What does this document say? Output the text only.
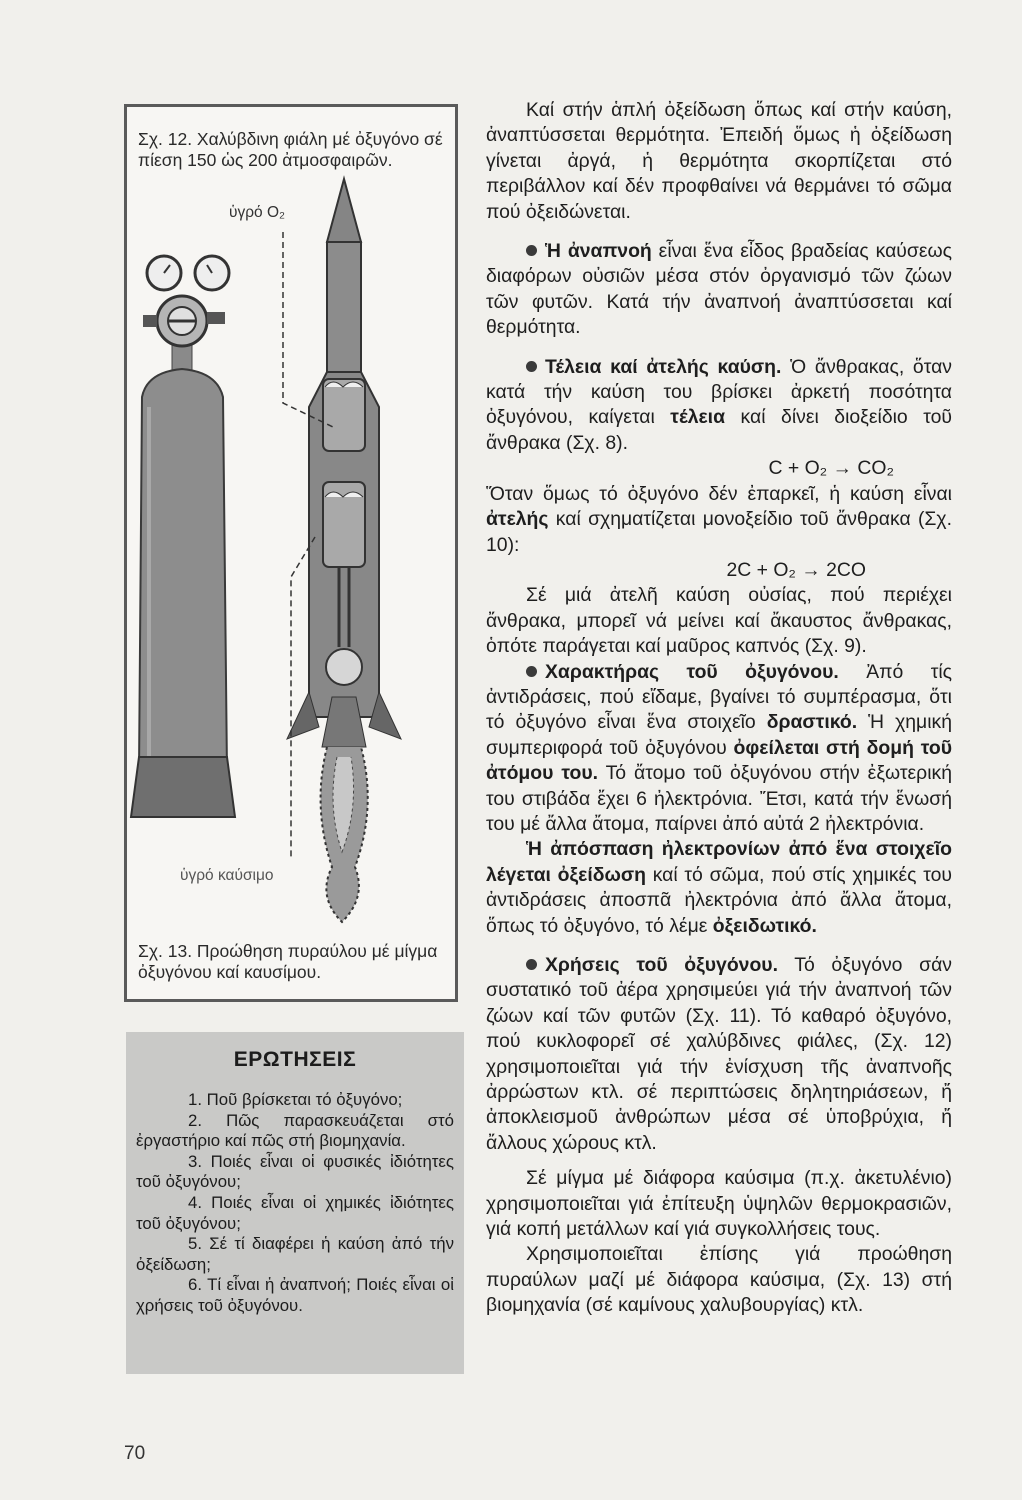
Σχ. 12. Χαλύβδινη φιάλη μέ ὀξυγόνο σέ πίεση 150 ὡς 200 ἀτμοσφαιρῶν.
ὑγρό O₂
ὑγρό καύσιμο
Σχ. 13. Προώθηση πυραύλου μέ μίγμα ὀξυγόνου καί καυσίμου.
ΕΡΩΤΗΣΕΙΣ

1. Ποῦ βρίσκεται τό ὀξυγόνο;

2. Πῶς παρασκευάζεται στό ἐργαστήριο καί πῶς στή βιομηχανία.

3. Ποιές εἶναι οἱ φυσικές ἰδιότητες τοῦ ὀξυγόνου;

4. Ποιές εἶναι οἱ χημικές ἰδιότητες τοῦ ὀξυγόνου;

5. Σέ τί διαφέρει ἡ καύση ἀπό τήν ὀξείδωση;

6. Τί εἶναι ἡ ἀναπνοή; Ποιές εἶναι οἱ χρήσεις τοῦ ὀξυγόνου.

Καί στήν ἁπλή ὀξείδωση ὅπως καί στήν καύση, ἀναπτύσσεται θερμότητα. Ἐπειδή ὅμως ἡ ὀξείδωση γίνεται ἀργά, ἡ θερμότητα σκορπίζεται στό περιβάλλον καί δέν προφθαίνει νά θερμάνει τό σῶμα πού ὀξειδώνεται.

Ἡ ἀναπνοή εἶναι ἕνα εἶδος βραδείας καύσεως διαφόρων οὐσιῶν μέσα στόν ὀργανισμό τῶν ζώων τῶν φυτῶν. Κατά τήν ἀναπνοή ἀναπτύσσεται καί θερμότητα.

Τέλεια καί ἀτελής καύση. Ὁ ἄνθρακας, ὅταν κατά τήν καύση του βρίσκει ἀρκετή ποσότητα ὀξυγόνου, καίγεται τέλεια καί δίνει διοξείδιο τοῦ ἄνθρακα (Σχ. 8).

C + O₂ → CO₂

Ὅταν ὅμως τό ὀξυγόνο δέν ἐπαρκεῖ, ἡ καύση εἶναι ἀτελής καί σχηματίζεται μονοξείδιο τοῦ ἄνθρακα (Σχ. 10):

2C + O₂ → 2CO

Σέ μιά ἀτελῆ καύση οὐσίας, πού περιέχει ἄνθρακα, μπορεῖ νά μείνει καί ἄκαυστος ἄνθρακας, ὁπότε παράγεται καί μαῦρος καπνός (Σχ. 9).

Χαρακτήρας τοῦ ὀξυγόνου. Ἀπό τίς ἀντιδράσεις, πού εἴδαμε, βγαίνει τό συμπέρασμα, ὅτι τό ὀξυγόνο εἶναι ἕνα στοιχεῖο δραστικό. Ἡ χημική συμπεριφορά τοῦ ὀξυγόνου ὀφείλεται στή δομή τοῦ ἀτόμου του. Τό ἄτομο τοῦ ὀξυγόνου στήν ἐξωτερική του στιβάδα ἔχει 6 ἠλεκτρόνια. Ἔτσι, κατά τήν ἕνωσή του μέ ἄλλα ἄτομα, παίρνει ἀπό αὐτά 2 ἠλεκτρόνια.

Ἡ ἀπόσπαση ἠλεκτρονίων ἀπό ἕνα στοιχεῖο λέγεται ὀξείδωση καί τό σῶμα, πού στίς χημικές του ἀντιδράσεις ἀποσπᾶ ἠλεκτρόνια ἀπό ἄλλα ἄτομα, ὅπως τό ὀξυγόνο, τό λέμε ὀξειδωτικό.

Χρήσεις τοῦ ὀξυγόνου. Τό ὀξυγόνο σάν συστατικό τοῦ ἀέρα χρησιμεύει γιά τήν ἀναπνοή τῶν ζώων καί τῶν φυτῶν (Σχ. 11). Τό καθαρό ὀξυγόνο, πού κυκλοφορεῖ σέ χαλύβδινες φιάλες, (Σχ. 12) χρησιμοποιεῖται γιά τήν ἐνίσχυση τῆς ἀναπνοῆς ἀρρώστων κτλ. σέ περιπτώσεις δηλητηριάσεων, ἤ ἀποκλεισμοῦ ἀνθρώπων μέσα σέ ὑποβρύχια, ἤ ἄλλους χώρους κτλ.

Σέ μίγμα μέ διάφορα καύσιμα (π.χ. ἀκετυλένιο) χρησιμοποιεῖται γιά ἐπίτευξη ὑψηλῶν θερμοκρασιῶν, γιά κοπή μετάλλων καί γιά συγκολλήσεις τους.

Χρησιμοποιεῖται ἐπίσης γιά προώθηση πυραύλων μαζί μέ διάφορα καύσιμα, (Σχ. 13) στή βιομηχανία (σέ καμίνους χαλυβουργίας) κτλ.

70
